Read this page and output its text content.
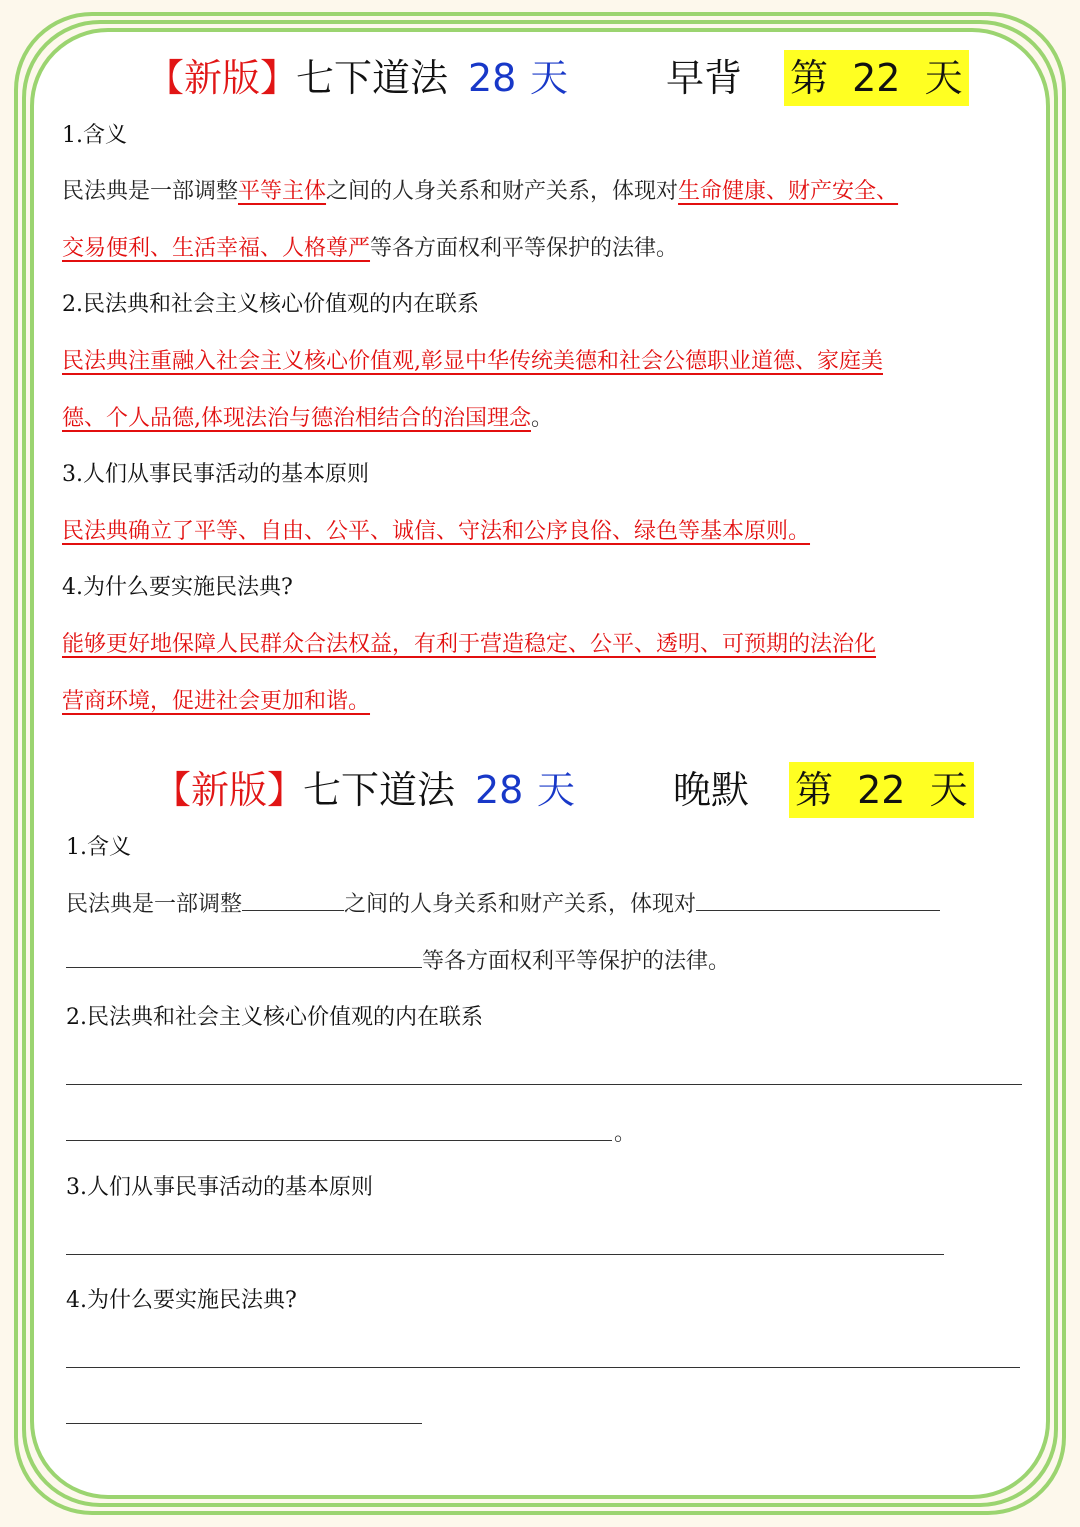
【新版】
七下道法 28 天	早背 第 22 天
1.含义
民法典是一部调整平等主体之间的人身关系和财产关系，体现对生命健康、财产安全、
交易便利、生活幸福、人格尊严等各方面权利平等保护的法律。
2.民法典和社会主义核心价值观的内在联系
民法典注重融入社会主义核心价值观,彰显中华传统美德和社会公德职业道德、家庭美
德、个人品德,体现法治与德治相结合的治国理念。
3.人们从事民事活动的基本原则
民法典确立了平等、自由、公平、诚信、守法和公序良俗、绿色等基本原则。
4.为什么要实施民法典?
能够更好地保障人民群众合法权益，有利于营造稳定、公平、透明、可预期的法治化
营商环境，促进社会更加和谐。
【新版】
七下道法 28 天	晚默 第 22 天
1.含义
民法典是一部调整	之间的人身关系和财产关系，体现对
等各方面权利平等保护的法律。
2.民法典和社会主义核心价值观的内在联系
。
3.人们从事民事活动的基本原则
4.为什么要实施民法典?
